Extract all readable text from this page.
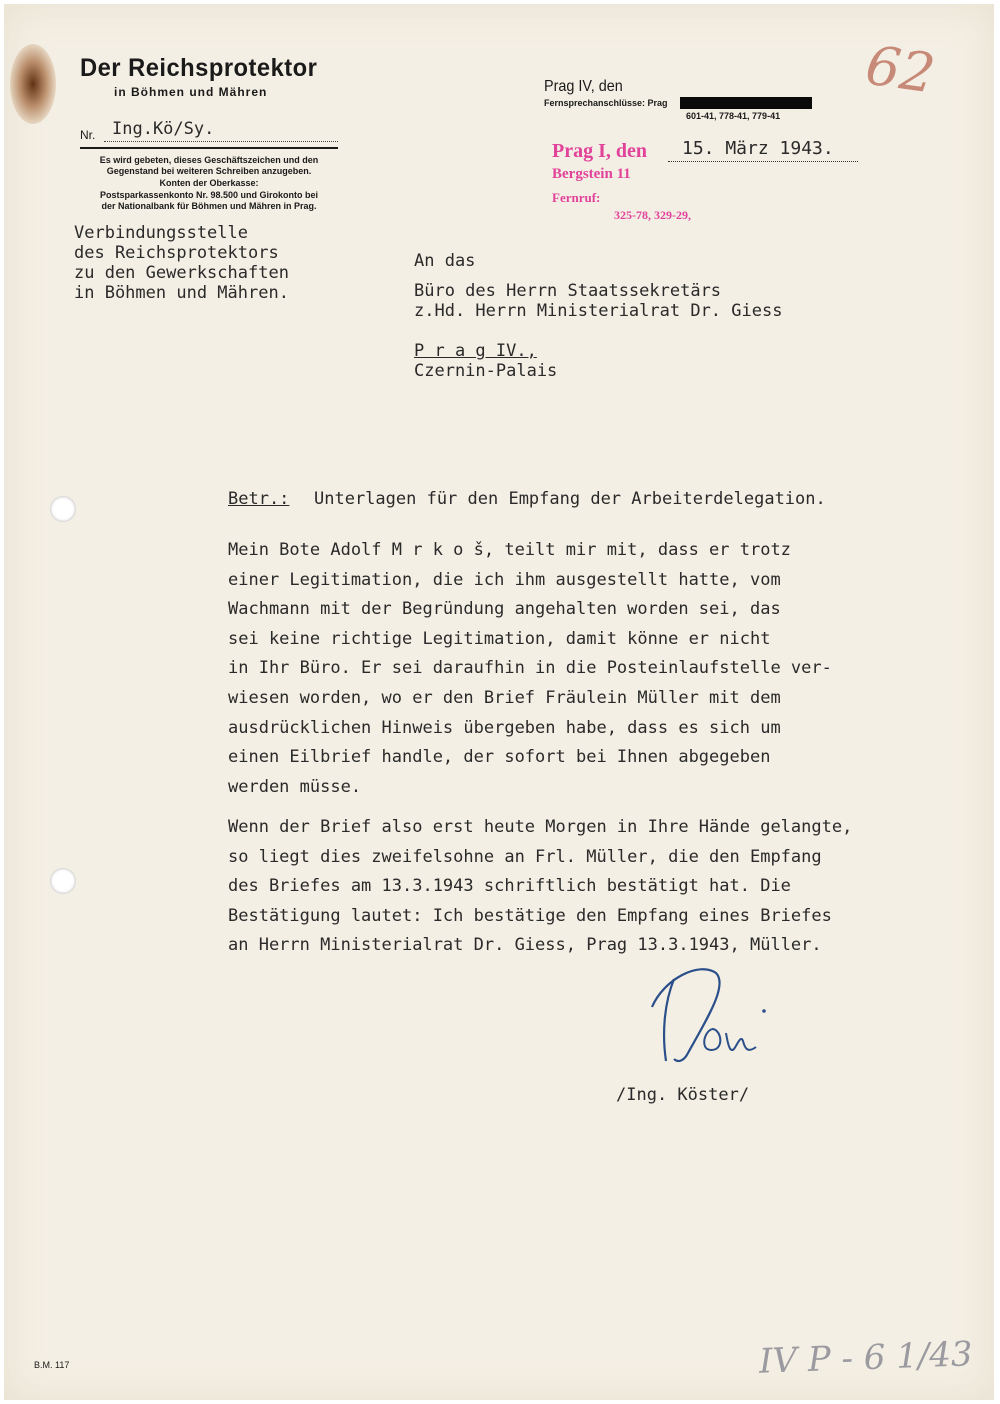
Der Reichsprotektor
in Böhmen und Mähren
Nr. Ing.Kö/Sy.
Es wird gebeten, dieses Geschäftszeichen und den
Gegenstand bei weiteren Schreiben anzugeben.
Konten der Oberkasse:
Postsparkassenkonto Nr. 98.500 und Girokonto bei
der Nationalbank für Böhmen und Mähren in Prag.
Verbindungsstelle
des Reichsprotektors
zu den Gewerkschaften
in Böhmen und Mähren.
Prag IV, den
Fernsprechanschlüsse: Prag
601-41, 778-41, 779-41
Prag I, den 15. März 1943.
Bergstein 11
Fernruf:
325-78, 329-29,
62
An das
Büro des Herrn Staatssekretärs
z.Hd. Herrn Ministerialrat Dr. Giess
P r a g IV.,
Czernin-Palais
Betr.: Unterlagen für den Empfang der Arbeiterdelegation.
Mein Bote Adolf M r k o š, teilt mir mit, dass er trotz
einer Legitimation, die ich ihm ausgestellt hatte, vom
Wachmann mit der Begründung angehalten worden sei, das
sei keine richtige Legitimation, damit könne er nicht
in Ihr Büro. Er sei daraufhin in die Posteinlaufstelle ver-
wiesen worden, wo er den Brief Fräulein Müller mit dem
ausdrücklichen Hinweis übergeben habe, dass es sich um
einen Eilbrief handle, der sofort bei Ihnen abgegeben
werden müsse.
Wenn der Brief also erst heute Morgen in Ihre Hände gelangte,
so liegt dies zweifelsohne an Frl. Müller, die den Empfang
des Briefes am 13.3.1943 schriftlich bestätigt hat. Die
Bestätigung lautet: Ich bestätige den Empfang eines Briefes
an Herrn Ministerialrat Dr. Giess, Prag 13.3.1943, Müller.
/Ing. Köster/
B.M. 117	IV P - 6 1/43
